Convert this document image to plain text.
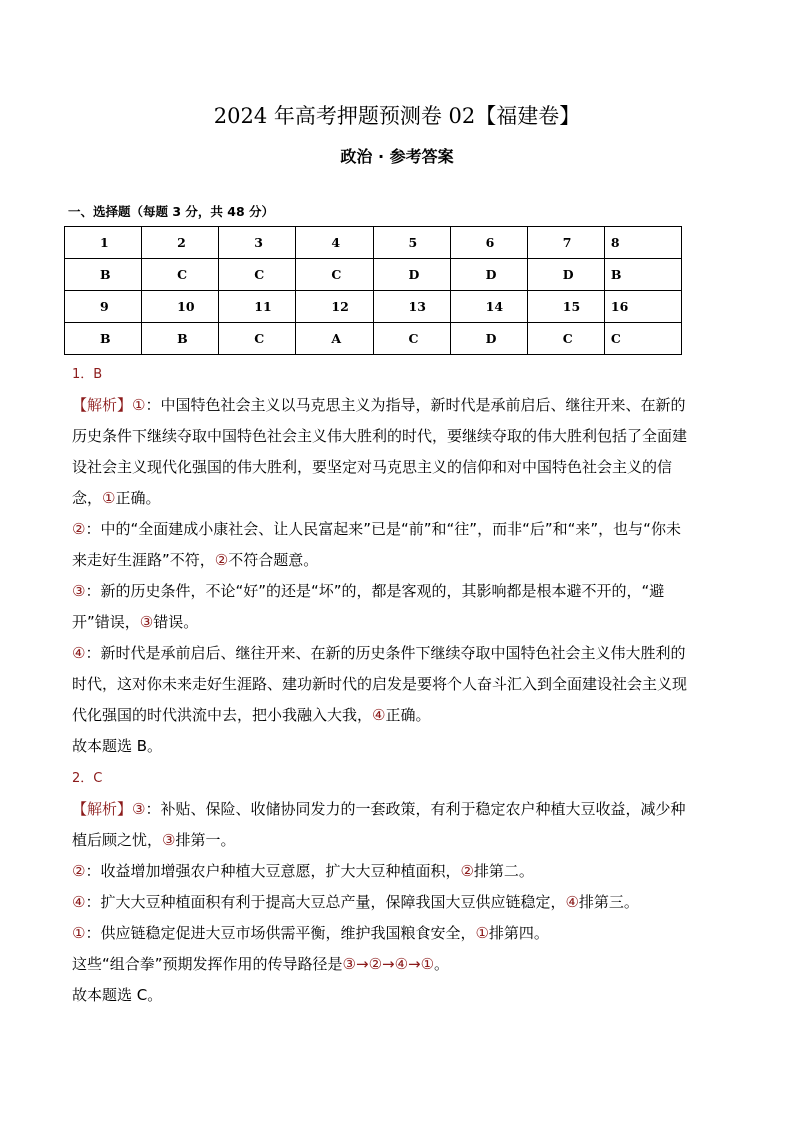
2024 年高考押题预测卷 02【福建卷】
政治 · 参考答案
一、选择题（每题 3 分，共 48 分）
1	2	3	4	5	6	7	8
B	C	C	C	D	D	D	B
9	10	11	12	13	14	15	16
B	B	C	A	C	D	C	C

1．B

【解析】①：中国特色社会主义以马克思主义为指导，新时代是承前启后、继往开来、在新的历史条件下继续夺取中国特色社会主义伟大胜利的时代，要继续夺取的伟大胜利包括了全面建设社会主义现代化强国的伟大胜利，要坚定对马克思主义的信仰和对中国特色社会主义的信念，①正确。

②：中的“全面建成小康社会、让人民富起来”已是“前”和“往”，而非“后”和“来”，也与“你未来走好生涯路”不符，②不符合题意。

③：新的历史条件，不论“好”的还是“坏”的，都是客观的，其影响都是根本避不开的，“避开”错误，③错误。

④：新时代是承前启后、继往开来、在新的历史条件下继续夺取中国特色社会主义伟大胜利的时代，这对你未来走好生涯路、建功新时代的启发是要将个人奋斗汇入到全面建设社会主义现代化强国的时代洪流中去，把小我融入大我，④正确。

故本题选 B。

2．C

【解析】③：补贴、保险、收储协同发力的一套政策，有利于稳定农户种植大豆收益，减少种植后顾之忧，③排第一。

②：收益增加增强农户种植大豆意愿，扩大大豆种植面积，②排第二。

④：扩大大豆种植面积有利于提高大豆总产量，保障我国大豆供应链稳定，④排第三。

①：供应链稳定促进大豆市场供需平衡，维护我国粮食安全，①排第四。

这些“组合拳”预期发挥作用的传导路径是③→②→④→①。

故本题选 C。
